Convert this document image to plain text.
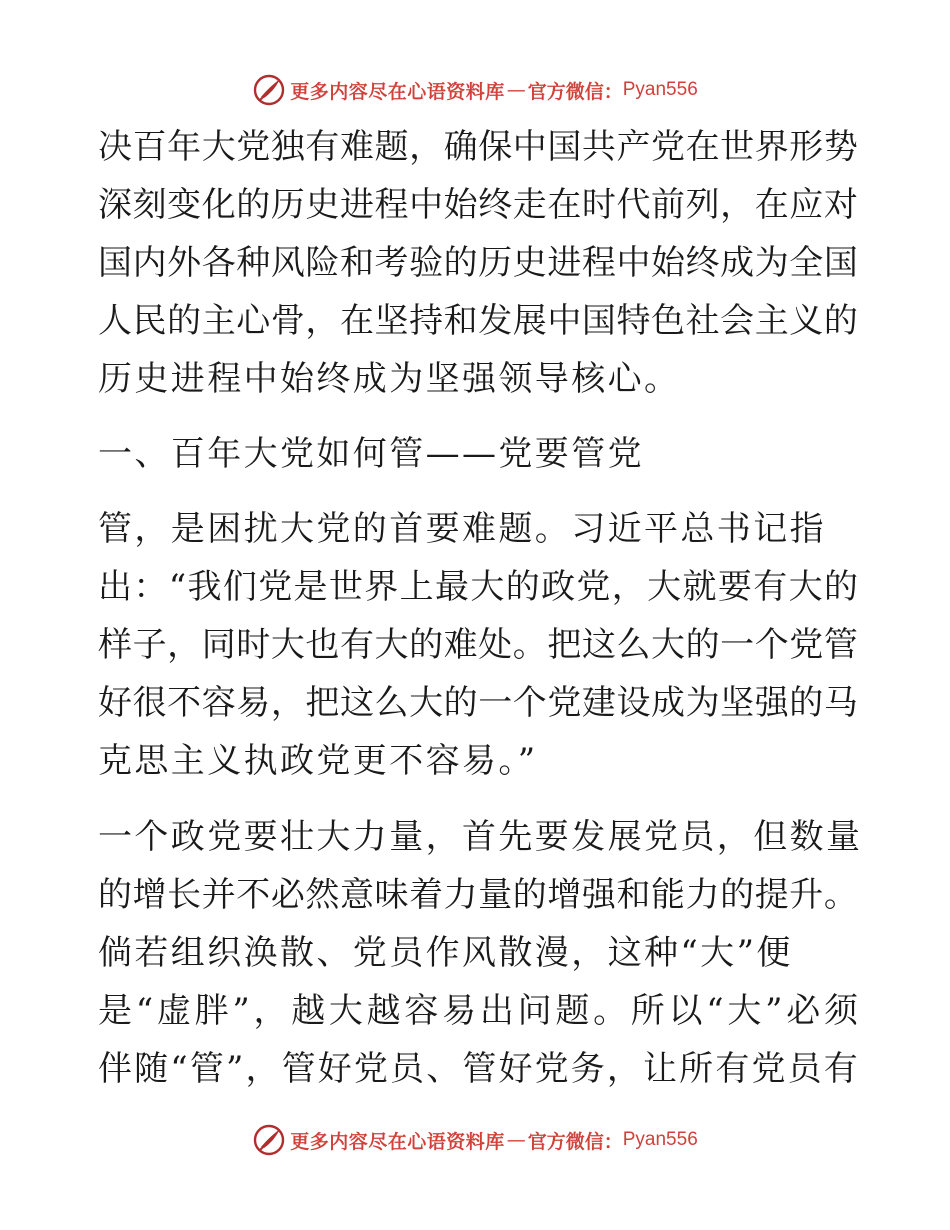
更多内容尽在心语资料库 — 官方微信： Pyan556
决 百 年 大 党 独 有 难 题 ， 确 保 中 国 共 产 党 在 世 界 形 势
深 刻 变 化 的 历 史 进 程 中 始 终 走 在 时 代 前 列 ， 在 应 对
国 内 外 各 种 风 险 和 考 验 的 历 史 进 程 中 始 终 成 为 全 国
人 民 的 主 心 骨 ， 在 坚 持 和 发 展 中 国 特 色 社 会 主 义 的
历史进程中始终成为坚强领导核心。
一、百年大党如何管——党要管党
管，是困扰大党的首要难题。习近平总书记指
出 ： “ 我 们 党 是 世 界 上 最 大 的 政 党 ， 大 就 要 有 大 的
样 子 ， 同 时 大 也 有 大 的 难 处 。 把 这 么 大 的 一 个 党 管
好 很 不 容 易 ， 把 这 么 大 的 一 个 党 建 设 成 为 坚 强 的 马
克思主义执政党更不容易。”
一个政党要壮大力量，首先要发展党员，但数量
的 增 长 并 不 必 然 意 味 着 力 量 的 增 强 和 能 力 的 提 升 。
倘若组织涣散、党员作风散漫，这种“大”便
是 “ 虚 胖 ” ， 越 大 越 容 易 出 问 题 。 所 以 “ 大 ” 必 须
伴 随 “ 管 ” ， 管 好 党 员 、 管 好 党 务 ， 让 所 有 党 员 有
更多内容尽在心语资料库 — 官方微信： Pyan556
